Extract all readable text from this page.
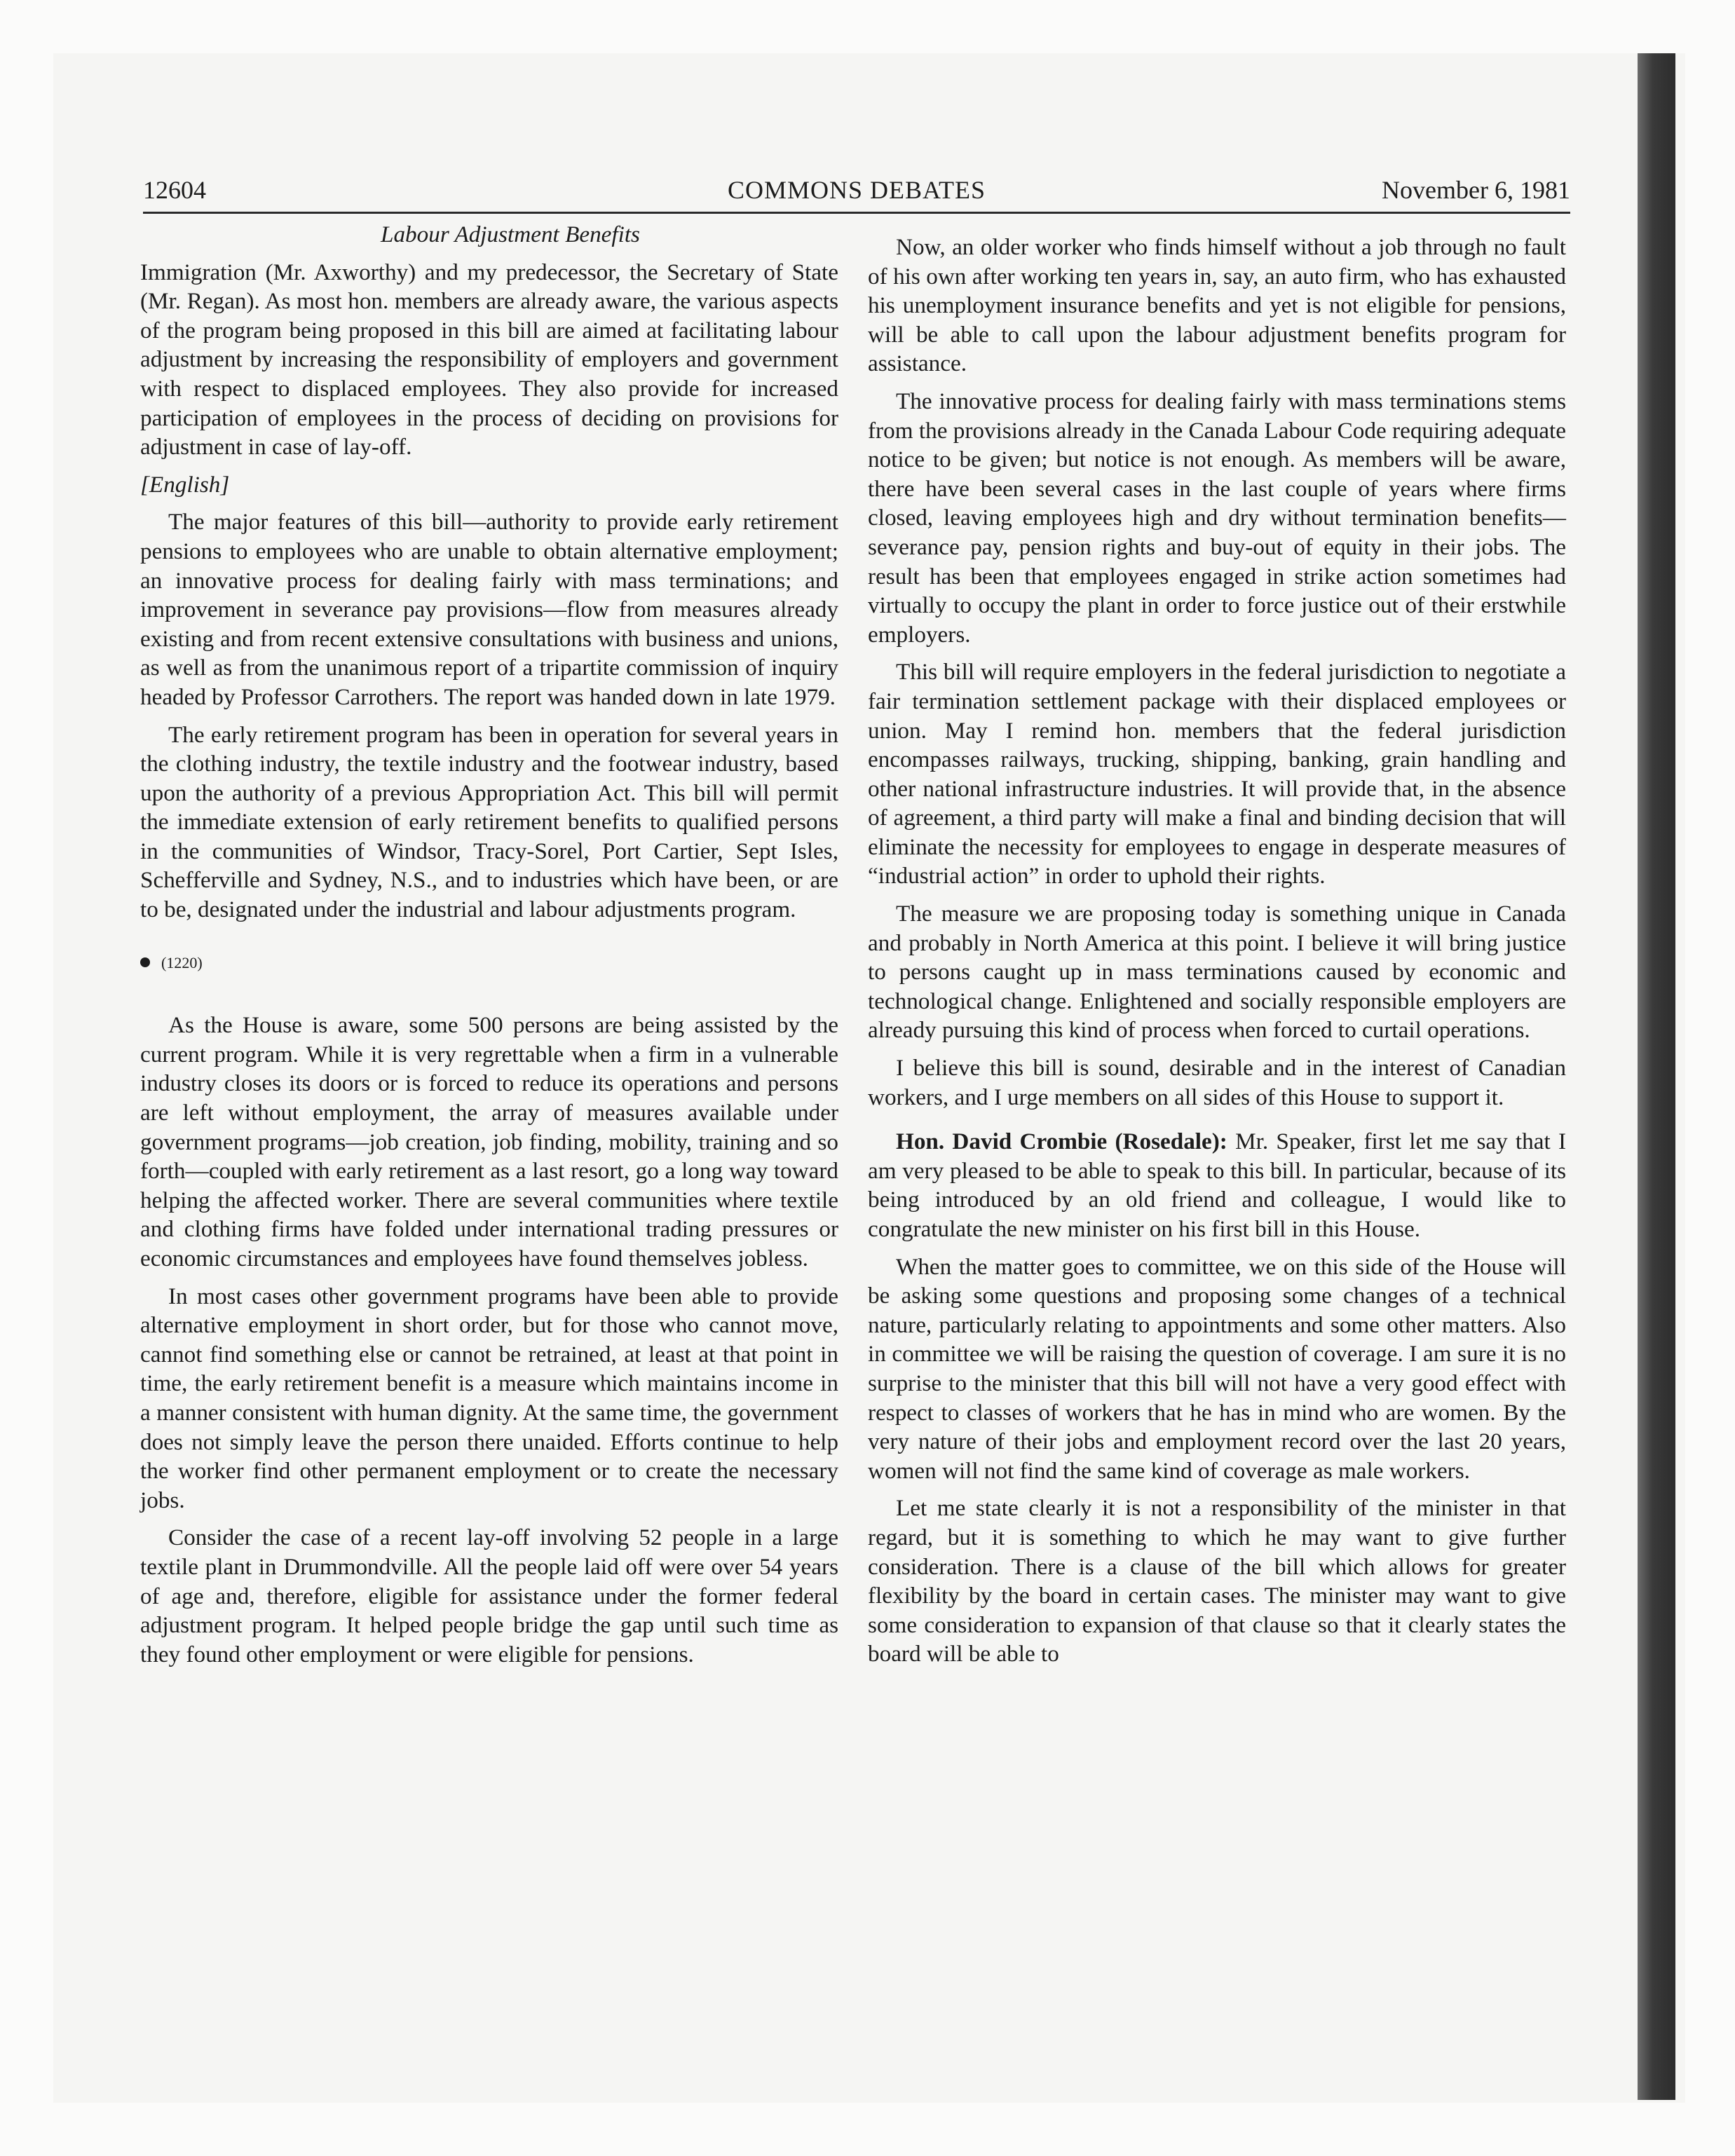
12604	COMMONS DEBATES	November 6, 1981

Labour Adjustment Benefits

Immigration (Mr. Axworthy) and my predecessor, the Secretary of State (Mr. Regan). As most hon. members are already aware, the various aspects of the program being proposed in this bill are aimed at facilitating labour adjustment by increasing the responsibility of employers and government with respect to displaced employees. They also provide for increased participation of employees in the process of deciding on provisions for adjustment in case of lay-off.

[English]

The major features of this bill—authority to provide early retirement pensions to employees who are unable to obtain alternative employment; an innovative process for dealing fairly with mass terminations; and improvement in severance pay provisions—flow from measures already existing and from recent extensive consultations with business and unions, as well as from the unanimous report of a tripartite commission of inquiry headed by Professor Carrothers. The report was handed down in late 1979.

The early retirement program has been in operation for several years in the clothing industry, the textile industry and the footwear industry, based upon the authority of a previous Appropriation Act. This bill will permit the immediate extension of early retirement benefits to qualified persons in the communities of Windsor, Tracy-Sorel, Port Cartier, Sept Isles, Schefferville and Sydney, N.S., and to industries which have been, or are to be, designated under the industrial and labour adjustments program.

(1220)

As the House is aware, some 500 persons are being assisted by the current program. While it is very regrettable when a firm in a vulnerable industry closes its doors or is forced to reduce its operations and persons are left without employment, the array of measures available under government programs—job creation, job finding, mobility, training and so forth—coupled with early retirement as a last resort, go a long way toward helping the affected worker. There are several communities where textile and clothing firms have folded under international trading pressures or economic circumstances and employees have found themselves jobless.

In most cases other government programs have been able to provide alternative employment in short order, but for those who cannot move, cannot find something else or cannot be retrained, at least at that point in time, the early retirement benefit is a measure which maintains income in a manner consistent with human dignity. At the same time, the government does not simply leave the person there unaided. Efforts continue to help the worker find other permanent employment or to create the necessary jobs.

Consider the case of a recent lay-off involving 52 people in a large textile plant in Drummondville. All the people laid off were over 54 years of age and, therefore, eligible for assistance under the former federal adjustment program. It helped people bridge the gap until such time as they found other employment or were eligible for pensions.

Now, an older worker who finds himself without a job through no fault of his own after working ten years in, say, an auto firm, who has exhausted his unemployment insurance benefits and yet is not eligible for pensions, will be able to call upon the labour adjustment benefits program for assistance.

The innovative process for dealing fairly with mass terminations stems from the provisions already in the Canada Labour Code requiring adequate notice to be given; but notice is not enough. As members will be aware, there have been several cases in the last couple of years where firms closed, leaving employees high and dry without termination benefits—severance pay, pension rights and buy-out of equity in their jobs. The result has been that employees engaged in strike action sometimes had virtually to occupy the plant in order to force justice out of their erstwhile employers.

This bill will require employers in the federal jurisdiction to negotiate a fair termination settlement package with their displaced employees or union. May I remind hon. members that the federal jurisdiction encompasses railways, trucking, shipping, banking, grain handling and other national infrastructure industries. It will provide that, in the absence of agreement, a third party will make a final and binding decision that will eliminate the necessity for employees to engage in desperate measures of “industrial action” in order to uphold their rights.

The measure we are proposing today is something unique in Canada and probably in North America at this point. I believe it will bring justice to persons caught up in mass terminations caused by economic and technological change. Enlightened and socially responsible employers are already pursuing this kind of process when forced to curtail operations.

I believe this bill is sound, desirable and in the interest of Canadian workers, and I urge members on all sides of this House to support it.

Hon. David Crombie (Rosedale): Mr. Speaker, first let me say that I am very pleased to be able to speak to this bill. In particular, because of its being introduced by an old friend and colleague, I would like to congratulate the new minister on his first bill in this House.

When the matter goes to committee, we on this side of the House will be asking some questions and proposing some changes of a technical nature, particularly relating to appointments and some other matters. Also in committee we will be raising the question of coverage. I am sure it is no surprise to the minister that this bill will not have a very good effect with respect to classes of workers that he has in mind who are women. By the very nature of their jobs and employment record over the last 20 years, women will not find the same kind of coverage as male workers.

Let me state clearly it is not a responsibility of the minister in that regard, but it is something to which he may want to give further consideration. There is a clause of the bill which allows for greater flexibility by the board in certain cases. The minister may want to give some consideration to expansion of that clause so that it clearly states the board will be able to
